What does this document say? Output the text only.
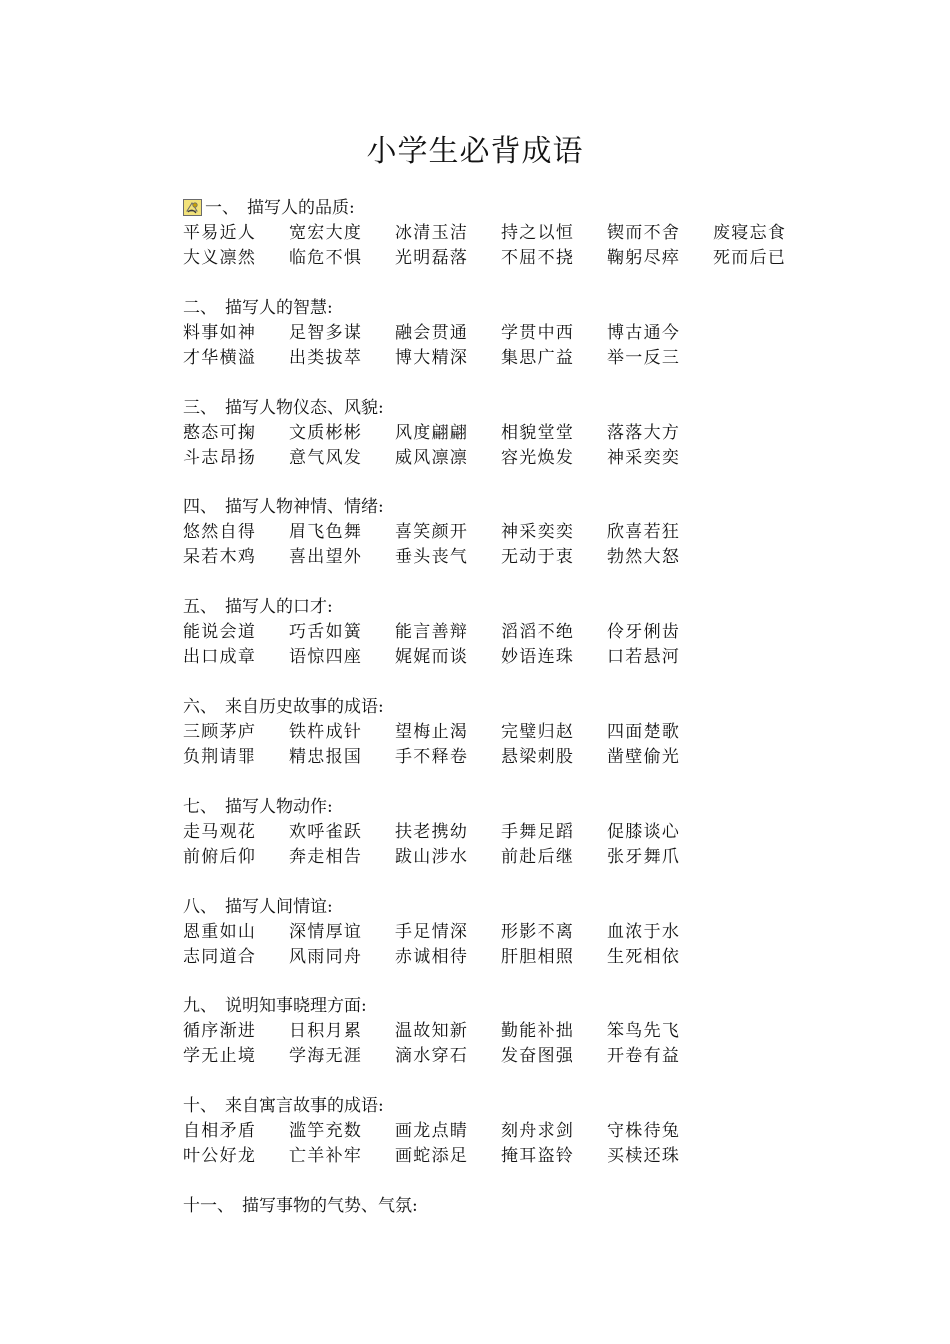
小学生必背成语
一、 描写人的品质:
平易近人 宽宏大度 冰清玉洁 持之以恒 锲而不舍 废寝忘食
大义凛然 临危不惧 光明磊落 不屈不挠 鞠躬尽瘁 死而后已
二、 描写人的智慧:
料事如神 足智多谋 融会贯通 学贯中西 博古通今
才华横溢 出类拔萃 博大精深 集思广益 举一反三
三、 描写人物仪态、风貌:
憨态可掬 文质彬彬 风度翩翩 相貌堂堂 落落大方
斗志昂扬 意气风发 威风凛凛 容光焕发 神采奕奕
四、 描写人物神情、情绪:
悠然自得 眉飞色舞 喜笑颜开 神采奕奕 欣喜若狂
呆若木鸡 喜出望外 垂头丧气 无动于衷 勃然大怒
五、 描写人的口才:
能说会道 巧舌如簧 能言善辩 滔滔不绝 伶牙俐齿
出口成章 语惊四座 娓娓而谈 妙语连珠 口若悬河
六、 来自历史故事的成语:
三顾茅庐 铁杵成针 望梅止渴 完璧归赵 四面楚歌
负荆请罪 精忠报国 手不释卷 悬梁刺股 凿壁偷光
七、 描写人物动作:
走马观花 欢呼雀跃 扶老携幼 手舞足蹈 促膝谈心
前俯后仰 奔走相告 跋山涉水 前赴后继 张牙舞爪
八、 描写人间情谊:
恩重如山 深情厚谊 手足情深 形影不离 血浓于水
志同道合 风雨同舟 赤诚相待 肝胆相照 生死相依
九、 说明知事晓理方面:
循序渐进 日积月累 温故知新 勤能补拙 笨鸟先飞
学无止境 学海无涯 滴水穿石 发奋图强 开卷有益
十、 来自寓言故事的成语:
自相矛盾 滥竽充数 画龙点睛 刻舟求剑 守株待兔
叶公好龙 亡羊补牢 画蛇添足 掩耳盗铃 买椟还珠
十一、 描写事物的气势、气氛:
